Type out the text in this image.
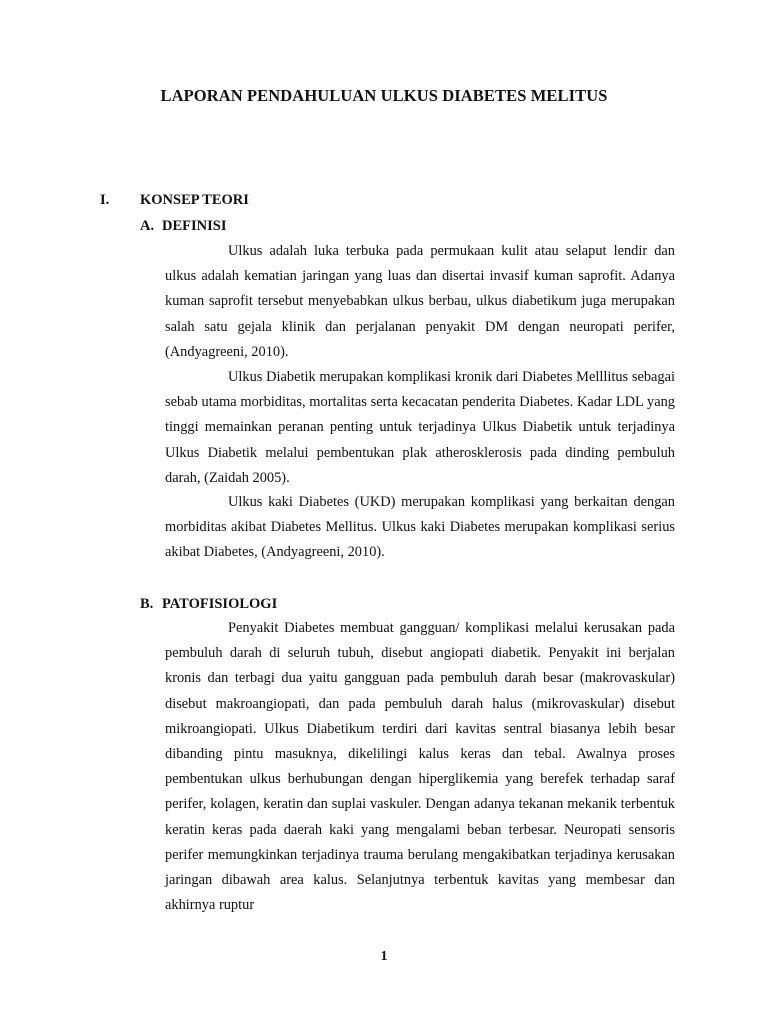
LAPORAN PENDAHULUAN ULKUS DIABETES MELITUS
I. KONSEP TEORI
A. DEFINISI

Ulkus adalah luka terbuka pada permukaan kulit atau selaput lendir dan ulkus adalah kematian jaringan yang luas dan disertai invasif kuman saprofit. Adanya kuman saprofit tersebut menyebabkan ulkus berbau, ulkus diabetikum juga merupakan salah satu gejala klinik dan perjalanan penyakit DM dengan neuropati perifer, (Andyagreeni, 2010).

Ulkus Diabetik merupakan komplikasi kronik dari Diabetes Melllitus sebagai sebab utama morbiditas, mortalitas serta kecacatan penderita Diabetes. Kadar LDL yang tinggi memainkan peranan penting untuk terjadinya Ulkus Diabetik untuk terjadinya Ulkus Diabetik melalui pembentukan plak atherosklerosis pada dinding pembuluh darah, (Zaidah 2005).

Ulkus kaki Diabetes (UKD) merupakan komplikasi yang berkaitan dengan morbiditas akibat Diabetes Mellitus. Ulkus kaki Diabetes merupakan komplikasi serius akibat Diabetes, (Andyagreeni, 2010).

B. PATOFISIOLOGI

Penyakit Diabetes membuat gangguan/ komplikasi melalui kerusakan pada pembuluh darah di seluruh tubuh, disebut angiopati diabetik. Penyakit ini berjalan kronis dan terbagi dua yaitu gangguan pada pembuluh darah besar (makrovaskular) disebut makroangiopati, dan pada pembuluh darah halus (mikrovaskular) disebut mikroangiopati. Ulkus Diabetikum terdiri dari kavitas sentral biasanya lebih besar dibanding pintu masuknya, dikelilingi kalus keras dan tebal. Awalnya proses pembentukan ulkus berhubungan dengan hiperglikemia yang berefek terhadap saraf perifer, kolagen, keratin dan suplai vaskuler. Dengan adanya tekanan mekanik terbentuk keratin keras pada daerah kaki yang mengalami beban terbesar. Neuropati sensoris perifer memungkinkan terjadinya trauma berulang mengakibatkan terjadinya kerusakan jaringan dibawah area kalus. Selanjutnya terbentuk kavitas yang membesar dan akhirnya ruptur

1
